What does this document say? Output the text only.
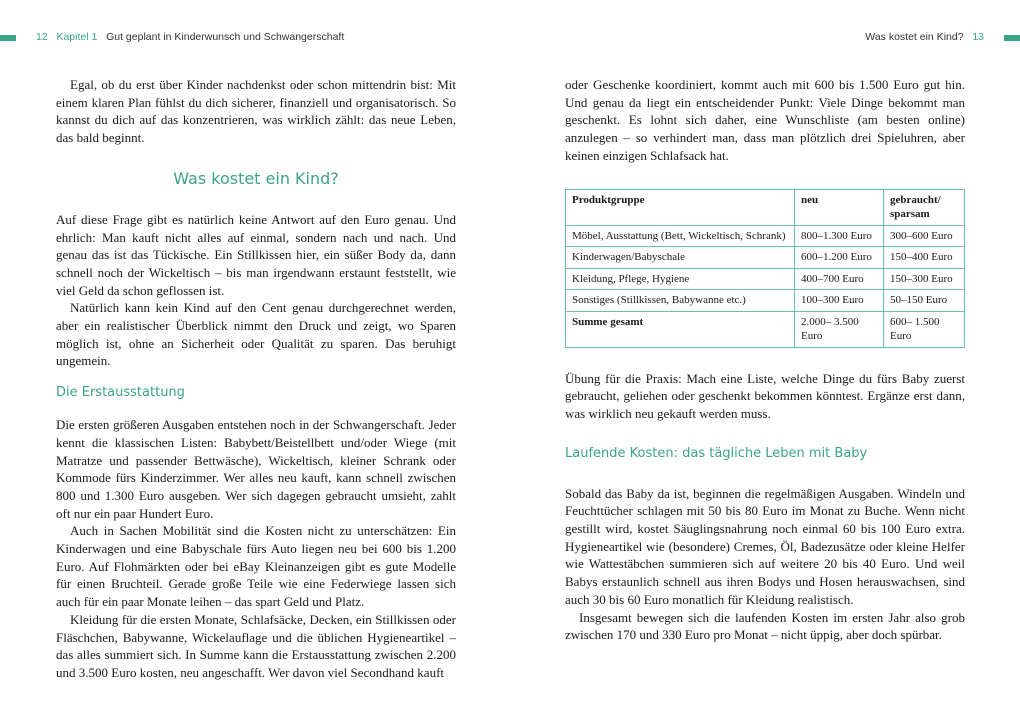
12 Kapitel 1 Gut geplant in Kinderwunsch und Schwangerschaft	Was kostet ein Kind? 13

Egal, ob du erst über Kinder nachdenkst oder schon mittendrin bist: Mit einem klaren Plan fühlst du dich sicherer, finanziell und organisatorisch. So kannst du dich auf das konzentrieren, was wirklich zählt: das neue Leben, das bald beginnt.

Was kostet ein Kind?

Auf diese Frage gibt es natürlich keine Antwort auf den Euro genau. Und ehrlich: Man kauft nicht alles auf einmal, sondern nach und nach. Und genau das ist das Tückische. Ein Stillkissen hier, ein süßer Body da, dann schnell noch der Wickeltisch – bis man irgendwann erstaunt feststellt, wie viel Geld da schon geflossen ist.

Natürlich kann kein Kind auf den Cent genau durchgerechnet werden, aber ein realistischer Überblick nimmt den Druck und zeigt, wo Sparen möglich ist, ohne an Sicherheit oder Qualität zu sparen. Das beruhigt ungemein.

Die Erstausstattung

Die ersten größeren Ausgaben entstehen noch in der Schwangerschaft. Jeder kennt die klassischen Listen: Babybett/Beistellbett und/oder Wiege (mit Matratze und passender Bettwäsche), Wickeltisch, kleiner Schrank oder Kommode fürs Kinderzimmer. Wer alles neu kauft, kann schnell zwischen 800 und 1.300 Euro ausgeben. Wer sich dagegen gebraucht umsieht, zahlt oft nur ein paar Hundert Euro.

Auch in Sachen Mobilität sind die Kosten nicht zu unterschätzen: Ein Kinderwagen und eine Babyschale fürs Auto liegen neu bei 600 bis 1.200 Euro. Auf Flohmärkten oder bei eBay Kleinanzeigen gibt es gute Modelle für einen Bruchteil. Gerade große Teile wie eine Federwiege lassen sich auch für ein paar Monate leihen – das spart Geld und Platz.

Kleidung für die ersten Monate, Schlafsäcke, Decken, ein Stillkissen oder Fläschchen, Babywanne, Wickelauflage und die üblichen Hygieneartikel – das alles summiert sich. In Summe kann die Erstausstattung zwischen 2.200 und 3.500 Euro kosten, neu angeschafft. Wer davon viel Secondhand kauft

oder Geschenke koordiniert, kommt auch mit 600 bis 1.500 Euro gut hin. Und genau da liegt ein entscheidender Punkt: Viele Dinge bekommt man geschenkt. Es lohnt sich daher, eine Wunschliste (am besten online) anzulegen – so verhindert man, dass man plötzlich drei Spieluhren, aber keinen einzigen Schlafsack hat.

Produktgruppe	neu	gebraucht/ sparsam
Möbel, Ausstattung (Bett, Wickeltisch, Schrank)	800–1.300 Euro	300–600 Euro
Kinderwagen/Babyschale	600–1.200 Euro	150–400 Euro
Kleidung, Pflege, Hygiene	400–700 Euro	150–300 Euro
Sonstiges (Stillkissen, Babywanne etc.)	100–300 Euro	50–150 Euro
Summe gesamt	2.000– 3.500 Euro	600– 1.500 Euro

Übung für die Praxis: Mach eine Liste, welche Dinge du fürs Baby zuerst gebraucht, geliehen oder geschenkt bekommen könntest. Ergänze erst dann, was wirklich neu gekauft werden muss.

Laufende Kosten: das tägliche Leben mit Baby

Sobald das Baby da ist, beginnen die regelmäßigen Ausgaben. Windeln und Feuchttücher schlagen mit 50 bis 80 Euro im Monat zu Buche. Wenn nicht gestillt wird, kostet Säuglingsnahrung noch einmal 60 bis 100 Euro extra. Hygieneartikel wie (besondere) Cremes, Öl, Badezusätze oder kleine Helfer wie Wattestäbchen summieren sich auf weitere 20 bis 40 Euro. Und weil Babys erstaunlich schnell aus ihren Bodys und Hosen herauswachsen, sind auch 30 bis 60 Euro monatlich für Kleidung realistisch.

Insgesamt bewegen sich die laufenden Kosten im ersten Jahr also grob zwischen 170 und 330 Euro pro Monat – nicht üppig, aber doch spürbar.
